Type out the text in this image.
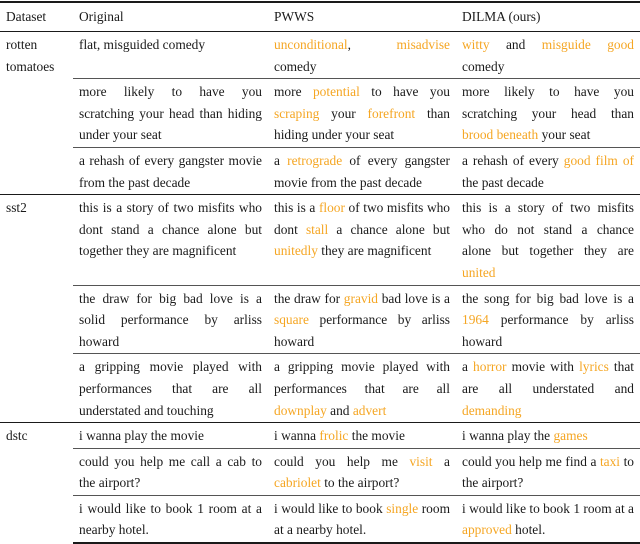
Dataset	Original	PWWS	DILMA (ours)
rotten tomatoes	flat, misguided comedy	unconditional, misadvise comedy	witty and misguide good comedy
	more likely to have you scratching your head than hiding under your seat	more potential to have you scraping your forefront than hiding under your seat	more likely to have you scratching your head than brood beneath your seat
	a rehash of every gangster movie from the past decade	a retrograde of every gangster movie from the past decade	a rehash of every good film of the past decade
sst2	this is a story of two misfits who dont stand a chance alone but together they are magnificent	this is a floor of two misfits who dont stall a chance alone but unitedly they are magnificent	this is a story of two misfits who do not stand a chance alone but together they are united
	the draw for big bad love is a solid performance by arliss howard	the draw for gravid bad love is a square performance by arliss howard	the song for big bad love is a 1964 performance by arliss howard
	a gripping movie played with performances that are all understated and touching	a gripping movie played with performances that are all downplay and advert	a horror movie with lyrics that are all understated and demanding
dstc	i wanna play the movie	i wanna frolic the movie	i wanna play the games
	could you help me call a cab to the airport?	could you help me visit a cabriolet to the airport?	could you help me find a taxi to the airport?
	i would like to book 1 room at a nearby hotel.	i would like to book single room at a nearby hotel.	i would like to book 1 room at a approved hotel.
